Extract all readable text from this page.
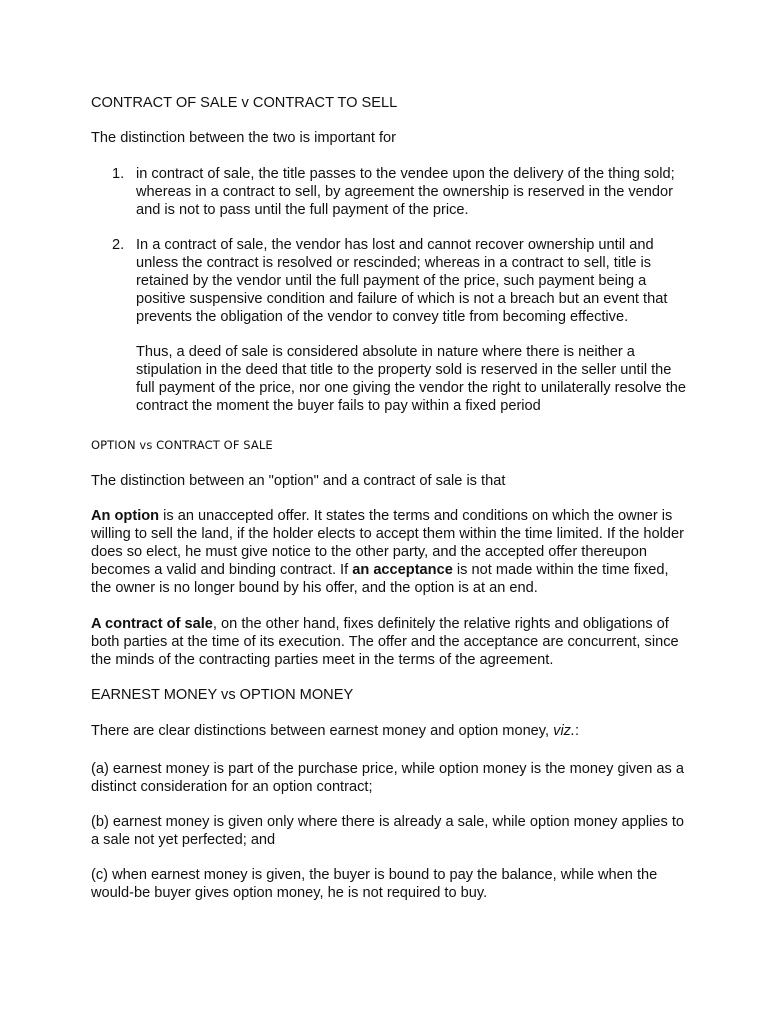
CONTRACT OF SALE v CONTRACT TO SELL

The distinction between the two is important for

1. in contract of sale, the title passes to the vendee upon the delivery of the thing sold; whereas in a contract to sell, by agreement the ownership is reserved in the vendor and is not to pass until the full payment of the price.

2. In a contract of sale, the vendor has lost and cannot recover ownership until and unless the contract is resolved or rescinded; whereas in a contract to sell, title is retained by the vendor until the full payment of the price, such payment being a positive suspensive condition and failure of which is not a breach but an event that prevents the obligation of the vendor to convey title from becoming effective.

Thus, a deed of sale is considered absolute in nature where there is neither a stipulation in the deed that title to the property sold is reserved in the seller until the full payment of the price, nor one giving the vendor the right to unilaterally resolve the contract the moment the buyer fails to pay within a fixed period

OPTION vs CONTRACT OF SALE

The distinction between an "option" and a contract of sale is that

An option is an unaccepted offer. It states the terms and conditions on which the owner is willing to sell the land, if the holder elects to accept them within the time limited. If the holder does so elect, he must give notice to the other party, and the accepted offer thereupon becomes a valid and binding contract. If an acceptance is not made within the time fixed, the owner is no longer bound by his offer, and the option is at an end.

A contract of sale, on the other hand, fixes definitely the relative rights and obligations of both parties at the time of its execution. The offer and the acceptance are concurrent, since the minds of the contracting parties meet in the terms of the agreement.

EARNEST MONEY vs OPTION MONEY

There are clear distinctions between earnest money and option money, viz.:

(a) earnest money is part of the purchase price, while option money is the money given as a distinct consideration for an option contract;

(b) earnest money is given only where there is already a sale, while option money applies to a sale not yet perfected; and

(c) when earnest money is given, the buyer is bound to pay the balance, while when the would-be buyer gives option money, he is not required to buy.
